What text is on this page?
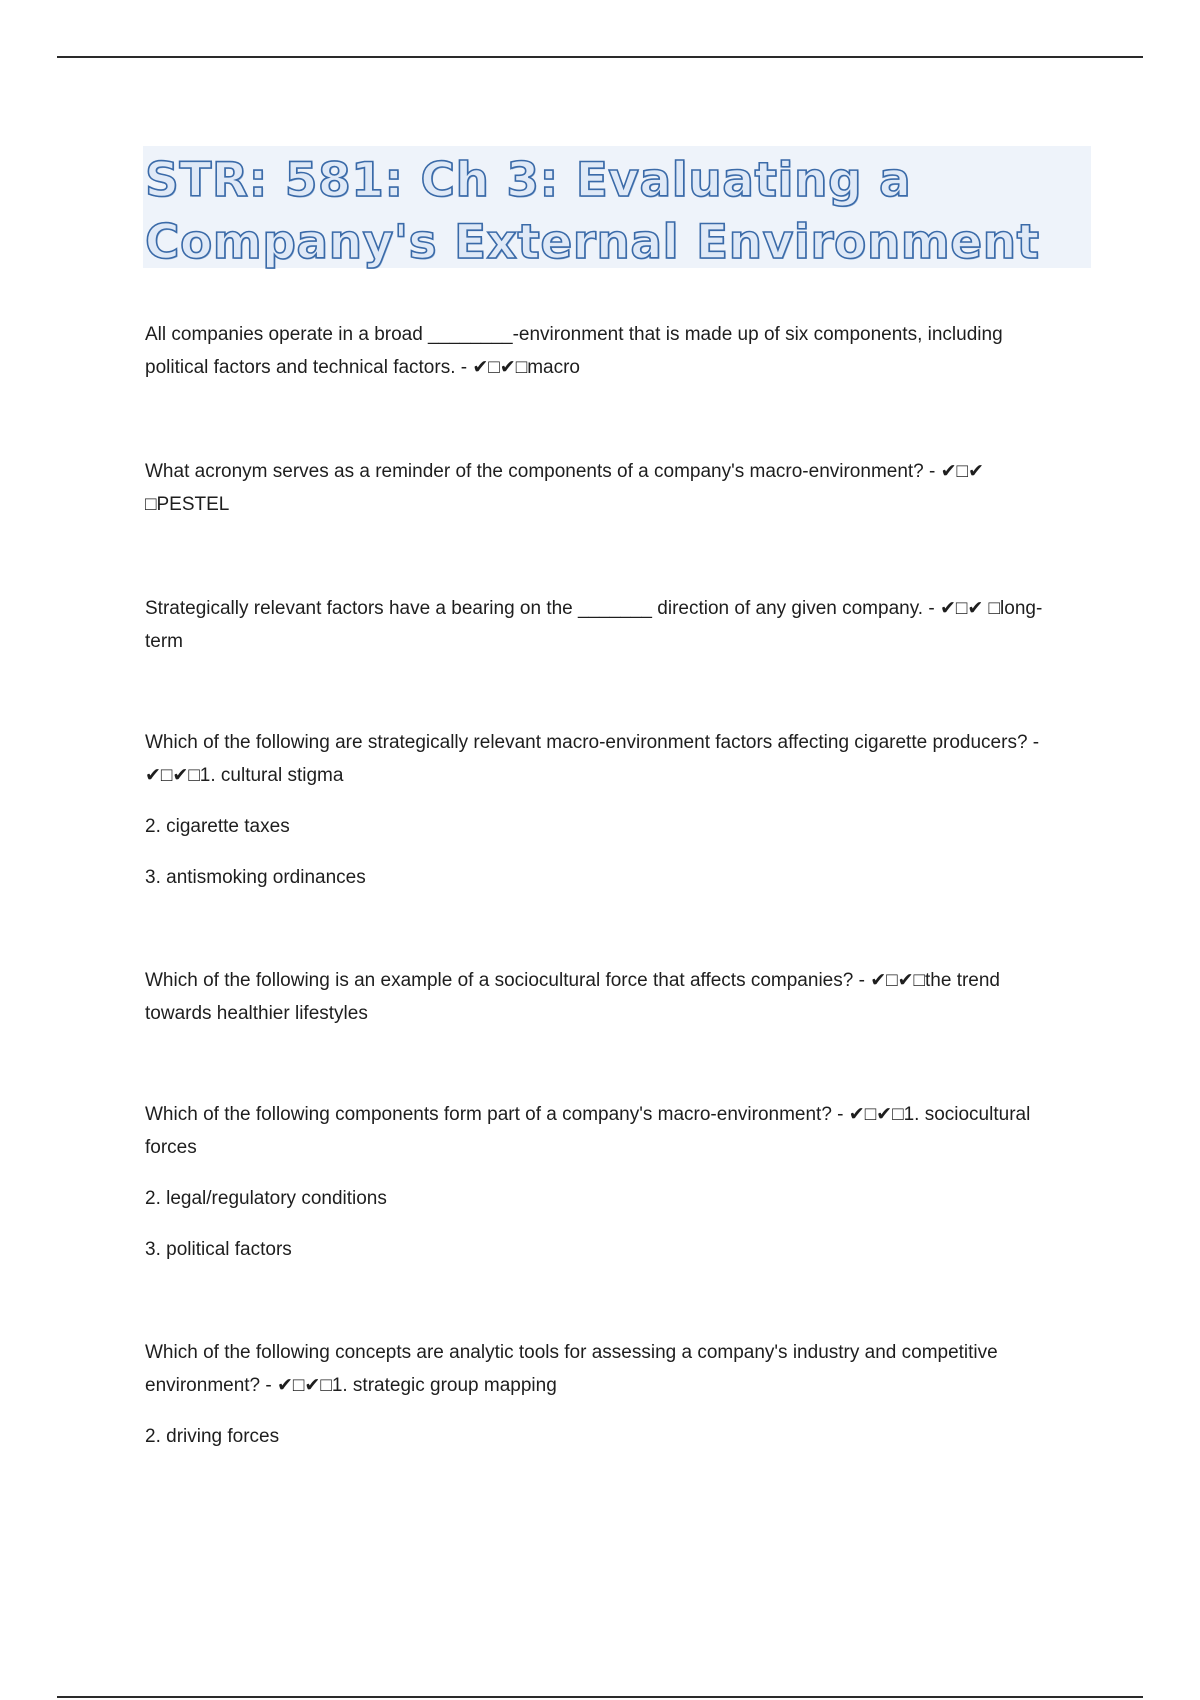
STR: 581: Ch 3: Evaluating a Company's External Environment

All companies operate in a broad ________-environment that is made up of six components, including political factors and technical factors. - ✔□✔□macro

What acronym serves as a reminder of the components of a company's macro-environment? - ✔□✔ □PESTEL

Strategically relevant factors have a bearing on the _______ direction of any given company. - ✔□✔ □long-term

Which of the following are strategically relevant macro-environment factors affecting cigarette producers? - ✔□✔□1. cultural stigma

2. cigarette taxes

3. antismoking ordinances

Which of the following is an example of a sociocultural force that affects companies? - ✔□✔□the trend towards healthier lifestyles

Which of the following components form part of a company's macro-environment? - ✔□✔□1. sociocultural forces

2. legal/regulatory conditions

3. political factors

Which of the following concepts are analytic tools for assessing a company's industry and competitive environment? - ✔□✔□1. strategic group mapping

2. driving forces
